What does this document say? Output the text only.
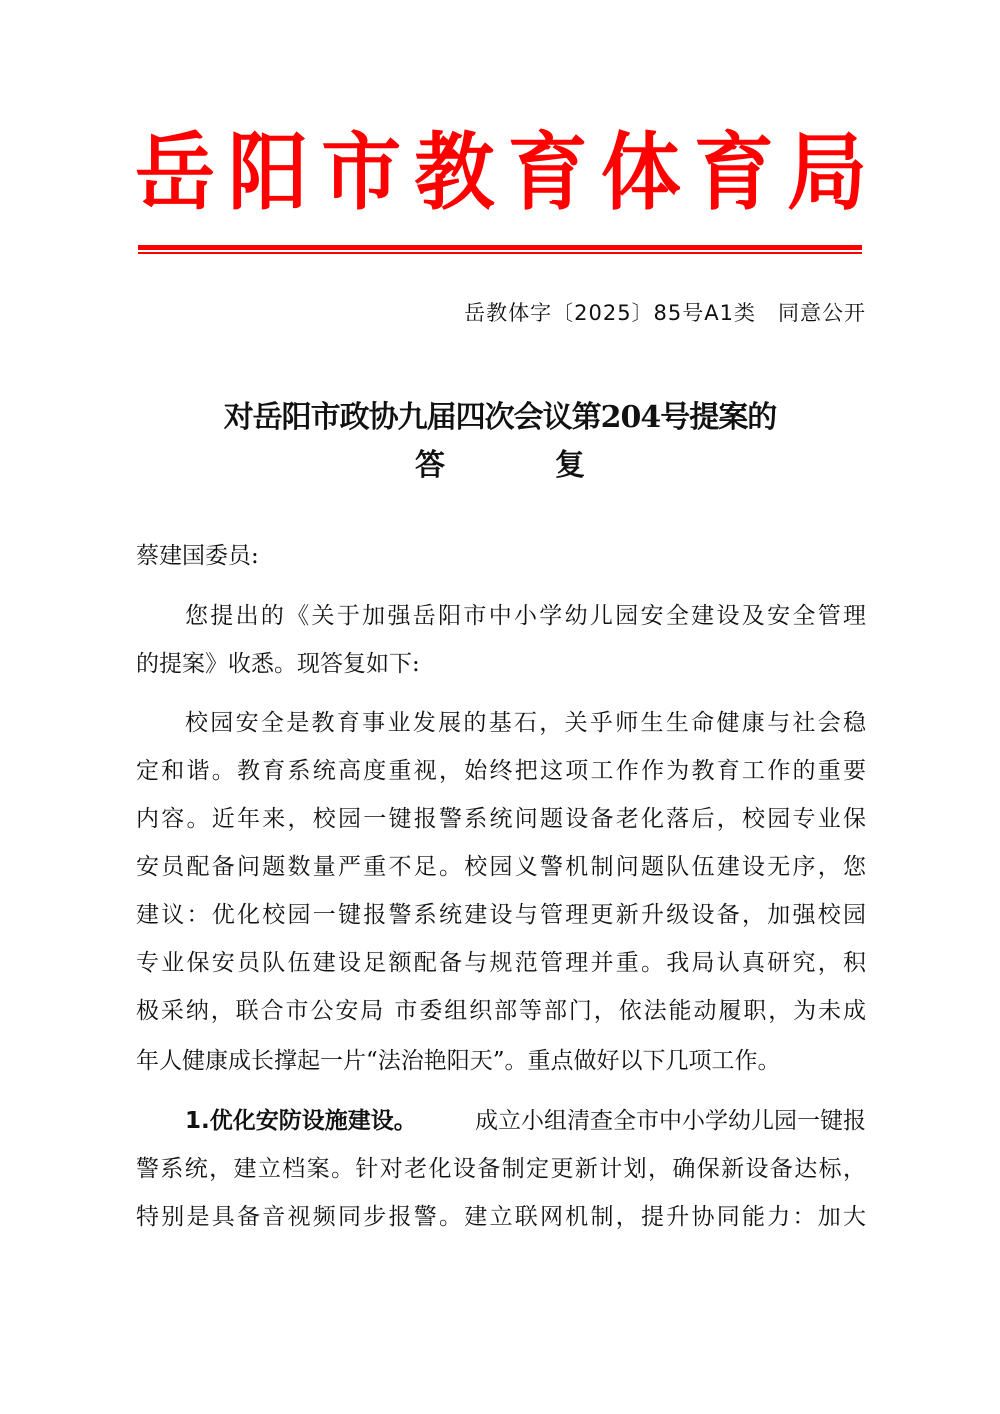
岳 阳 市 教 育 体 育 局
岳教体字〔2025〕85号A1类　同意公开
对岳阳市政协九届四次会议第204号提案的
答	复
蔡建国委员:
您提出的《关于加强岳阳市中小学幼儿园安全建设及安全管理
的提案》收悉。现答复如下:
校园安全是教育事业发展的基石，关乎师生生命健康与社会稳
定和谐。教育系统高度重视，始终把这项工作作为教育工作的重要
内容。近年来，校园一键报警系统问题设备老化落后，校园专业保
安员配备问题数量严重不足。校园义警机制问题队伍建设无序，您
建议：优化校园一键报警系统建设与管理更新升级设备，加强校园
专业保安员队伍建设足额配备与规范管理并重。我局认真研究，积
极采纳，联合市公安局 市委组织部等部门，依法能动履职，为未成
年人健康成长撑起一片“法治艳阳天”。重点做好以下几项工作。
1.优化安防设施建设。	成立小组清查全市中小学幼儿园一键报
警系统，建立档案。针对老化设备制定更新计划，确保新设备达标，
特别是具备音视频同步报警。建立联网机制，提升协同能力：加大
